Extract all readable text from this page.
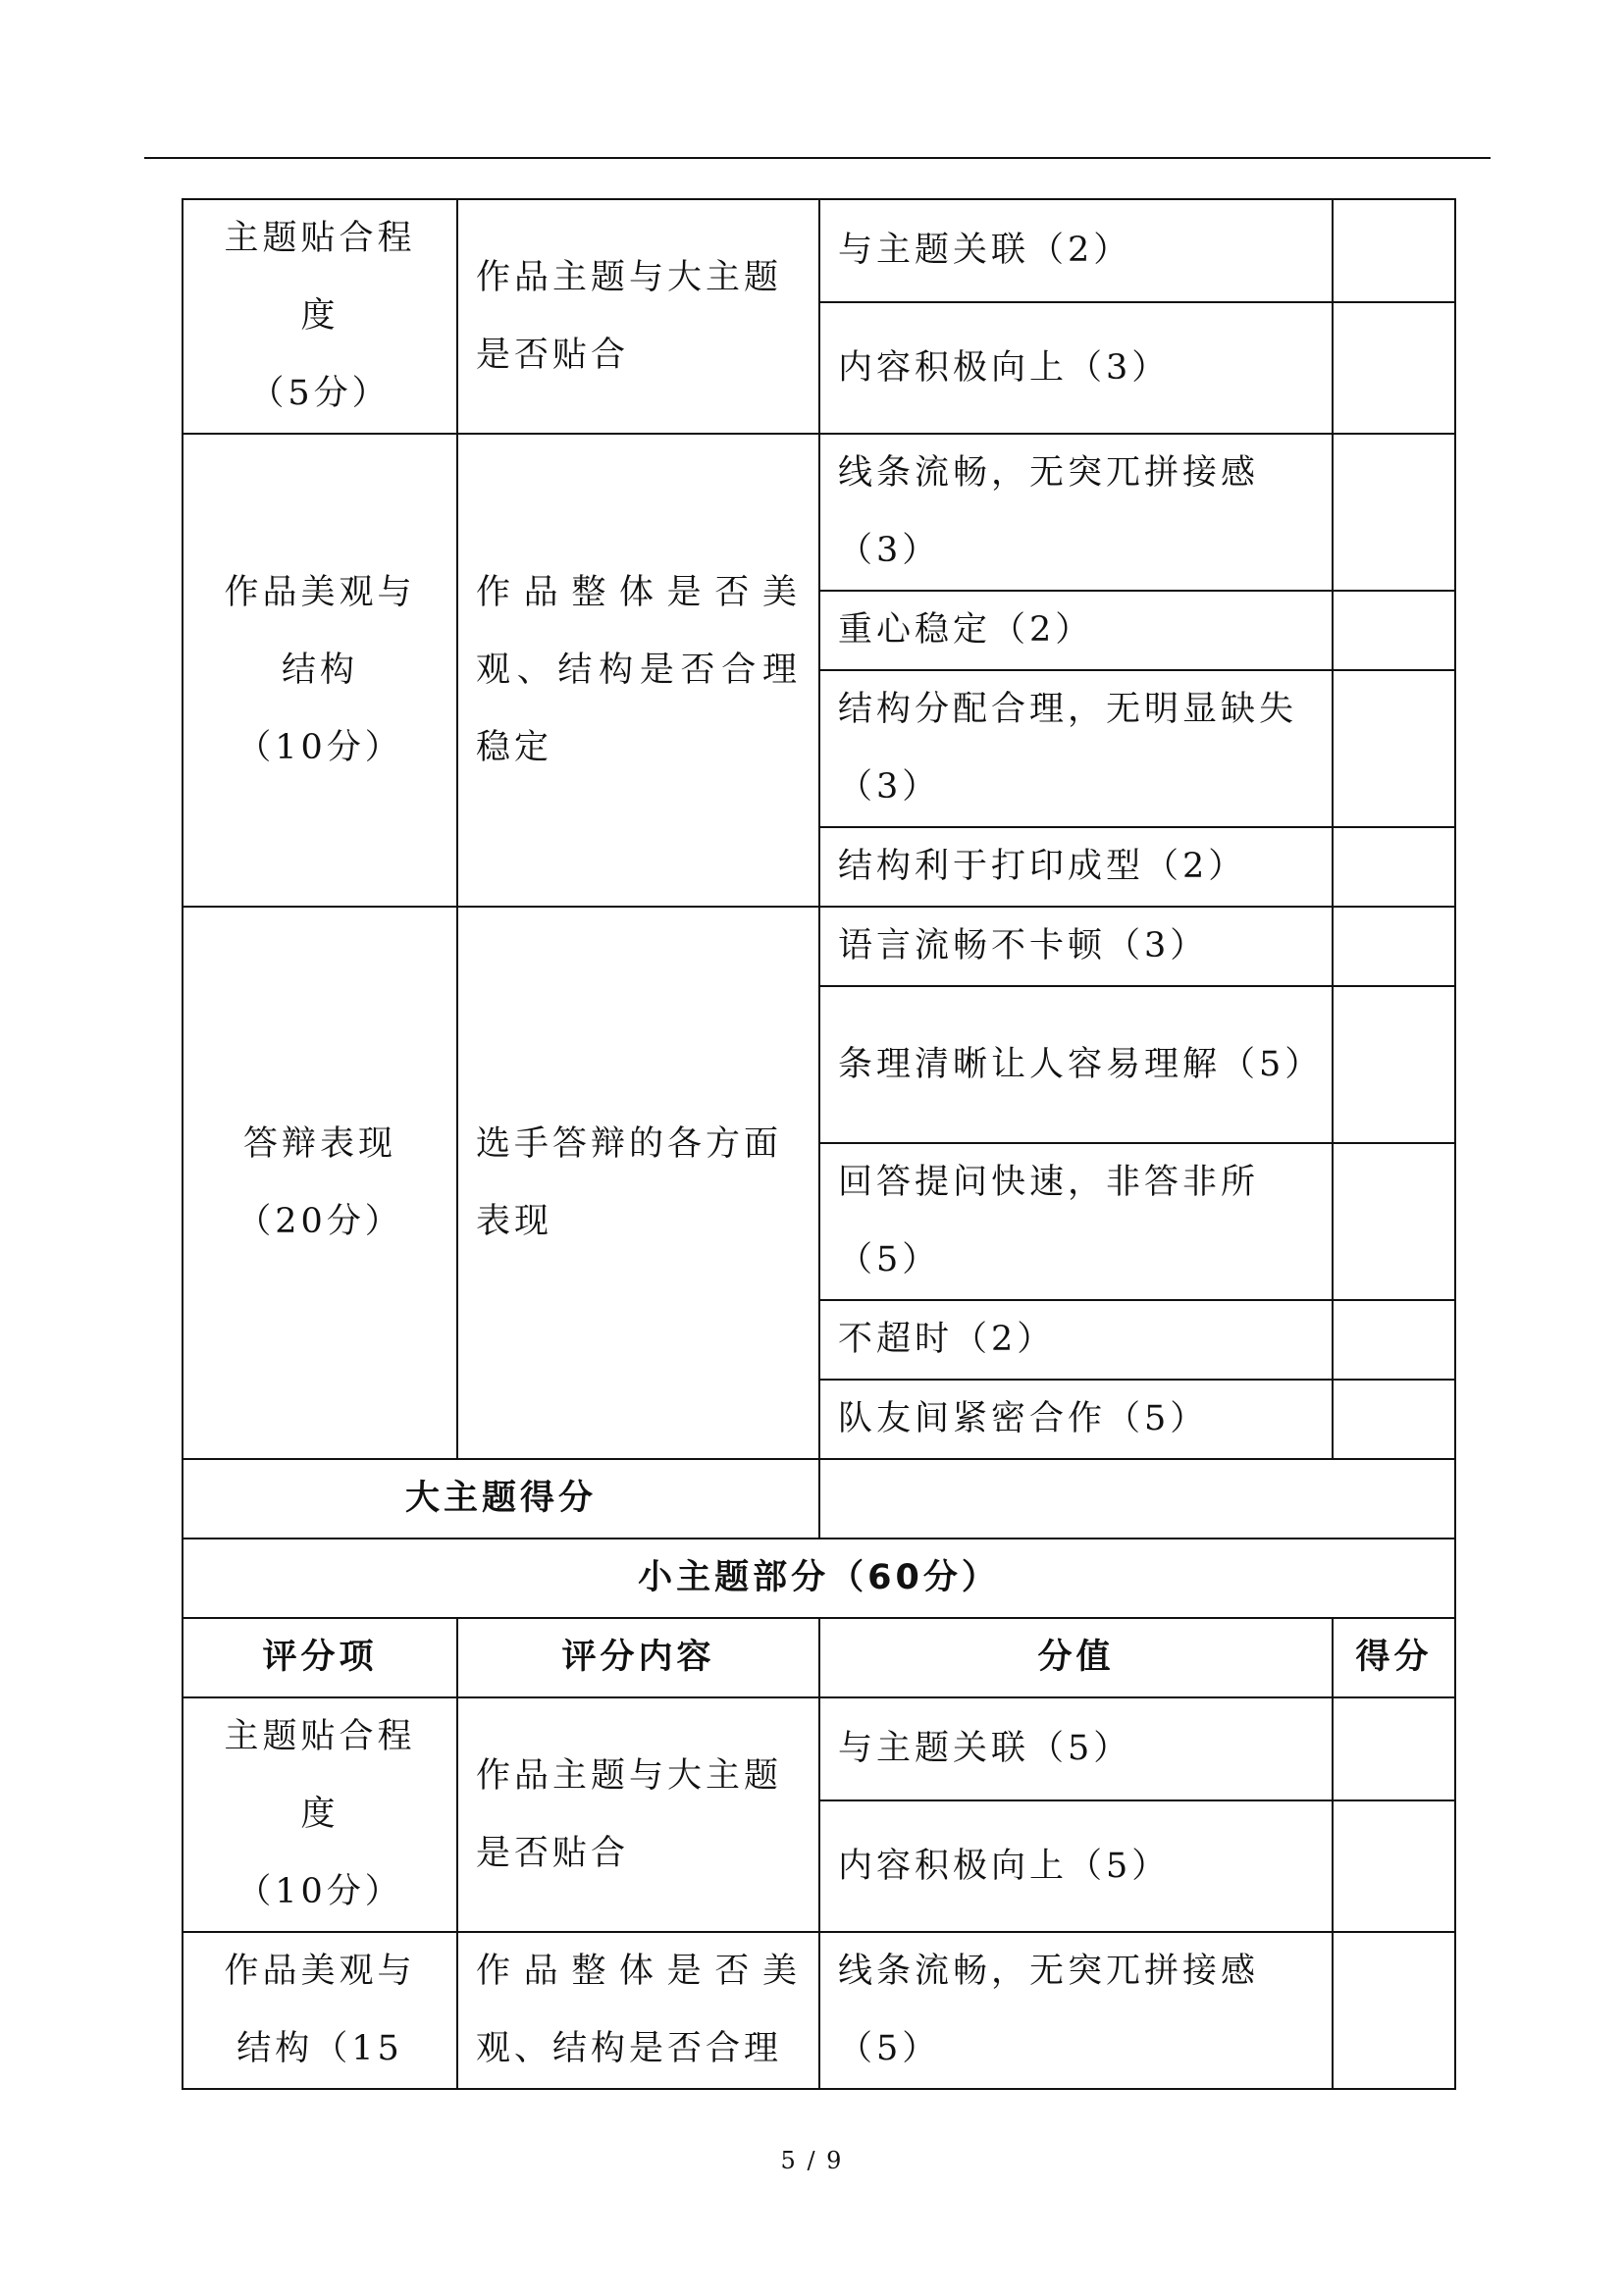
主题贴合程
度
（5分）	作品主题与大主题是否贴合	与主题关联（2）	
		内容积极向上（3）	

作品美观与
结构
（10分）	作品整体是否美观、结构是否合理稳定	线条流畅，无突兀拼接感（3）	
		重心稳定（2）	
		结构分配合理，无明显缺失（3）	
		结构利于打印成型（2）	

答辩表现
（20分）	选手答辩的各方面表现	语言流畅不卡顿（3）	
		条理清晰让人容易理解（5）	
		回答提问快速，非答非所（5）	
		不超时（2）	
		队友间紧密合作（5）	
大主题得分			
小主题部分（60分）			
评分项	评分内容	分值	得分

主题贴合程
度
（10分）	作品主题与大主题是否贴合	与主题关联（5）	
		内容积极向上（5）	

作品美观与
结构（15	作品整体是否美观、结构是否合理	线条流畅，无突兀拼接感（5）	
5 / 9
